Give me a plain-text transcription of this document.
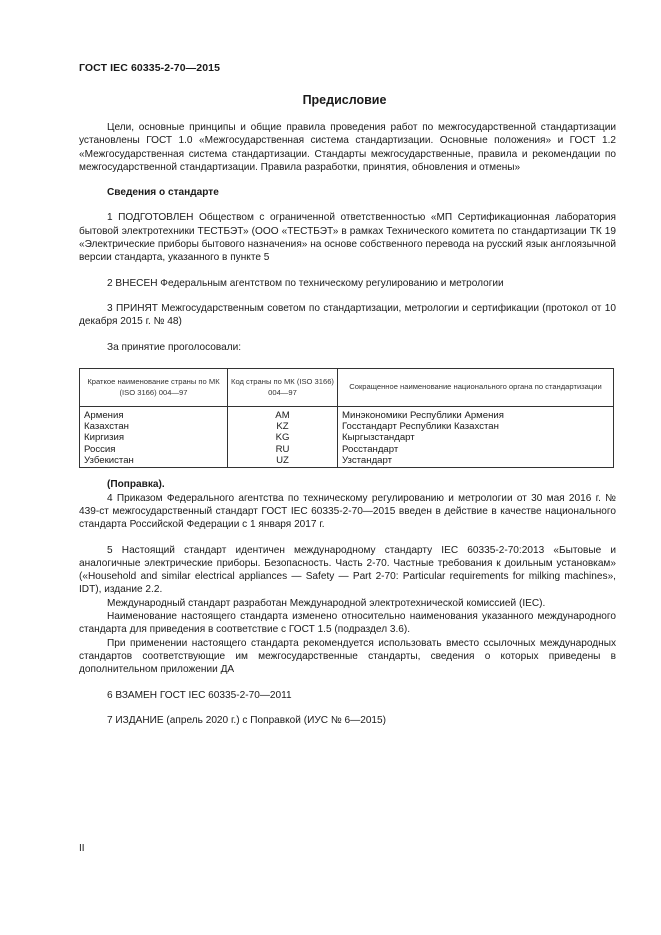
ГОСТ IEC 60335-2-70—2015
Предисловие

Цели, основные принципы и общие правила проведения работ по межгосударственной стандартизации установлены ГОСТ 1.0 «Межгосударственная система стандартизации. Основные положения» и ГОСТ 1.2 «Межгосударственная система стандартизации. Стандарты межгосударственные, правила и рекомендации по межгосударственной стандартизации. Правила разработки, принятия, обновления и отмены»

Сведения о стандарте

1 ПОДГОТОВЛЕН Обществом с ограниченной ответственностью «МП Сертификационная лаборатория бытовой электротехники ТЕСТБЭТ» (ООО «ТЕСТБЭТ» в рамках Технического комитета по стандартизации ТК 19 «Электрические приборы бытового назначения» на основе собственного перевода на русский язык англоязычной версии стандарта, указанного в пункте 5

2 ВНЕСЕН Федеральным агентством по техническому регулированию и метрологии

3 ПРИНЯТ Межгосударственным советом по стандартизации, метрологии и сертификации (протокол от 10 декабря 2015 г. № 48)

За принятие проголосовали:

Краткое наименование страны по МК (ISO 3166) 004—97	Код страны по МК (ISO 3166) 004—97	Сокращенное наименование национального органа по стандартизации
Армения	AM	Минэкономики Республики Армения
Казахстан	KZ	Госстандарт Республики Казахстан
Киргизия	KG	Кыргызстандарт
Россия	RU	Росстандарт
Узбекистан	UZ	Узстандарт

(Поправка).

4 Приказом Федерального агентства по техническому регулированию и метрологии от 30 мая 2016 г. № 439-ст межгосударственный стандарт ГОСТ IEC 60335-2-70—2015 введен в действие в качестве национального стандарта Российской Федерации с 1 января 2017 г.

5 Настоящий стандарт идентичен международному стандарту IEC 60335-2-70:2013 «Бытовые и аналогичные электрические приборы. Безопасность. Часть 2-70. Частные требования к доильным установкам» («Household and similar electrical appliances — Safety — Part 2-70: Particular requirements for milking machines», IDT), издание 2.2.

Международный стандарт разработан Международной электротехнической комиссией (IEC).

Наименование настоящего стандарта изменено относительно наименования указанного международного стандарта для приведения в соответствие с ГОСТ 1.5 (подраздел 3.6).

При применении настоящего стандарта рекомендуется использовать вместо ссылочных международных стандартов соответствующие им межгосударственные стандарты, сведения о которых приведены в дополнительном приложении ДА

6 ВЗАМЕН ГОСТ IEC 60335-2-70—2011

7 ИЗДАНИЕ (апрель 2020 г.) с Поправкой (ИУС № 6—2015)

II
